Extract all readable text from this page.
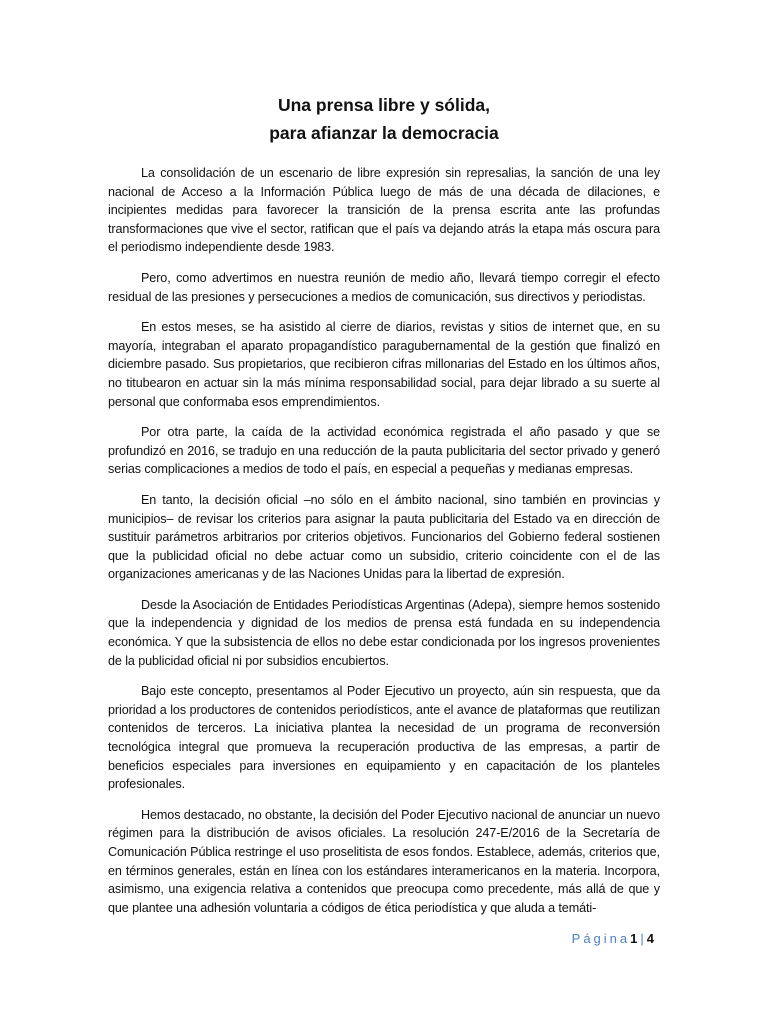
Una prensa libre y sólida,
para afianzar la democracia

La consolidación de un escenario de libre expresión sin represalias, la sanción de una ley nacional de Acceso a la Información Pública luego de más de una década de dilaciones, e incipientes medidas para favorecer la transición de la prensa escrita ante las profundas transformaciones que vive el sector, ratifican que el país va dejando atrás la etapa más oscura para el periodismo independiente desde 1983.

Pero, como advertimos en nuestra reunión de medio año, llevará tiempo corregir el efecto residual de las presiones y persecuciones a medios de comunicación, sus directivos y periodistas.

En estos meses, se ha asistido al cierre de diarios, revistas y sitios de internet que, en su mayoría, integraban el aparato propagandístico paragubernamental de la gestión que finalizó en diciembre pasado. Sus propietarios, que recibieron cifras millonarias del Estado en los últimos años, no titubearon en actuar sin la más mínima responsabilidad social, para dejar librado a su suerte al personal que conformaba esos emprendimientos.

Por otra parte, la caída de la actividad económica registrada el año pasado y que se profundizó en 2016, se tradujo en una reducción de la pauta publicitaria del sector privado y generó serias complicaciones a medios de todo el país, en especial a pequeñas y medianas empresas.

En tanto, la decisión oficial –no sólo en el ámbito nacional, sino también en provincias y municipios– de revisar los criterios para asignar la pauta publicitaria del Estado va en dirección de sustituir parámetros arbitrarios por criterios objetivos. Funcionarios del Gobierno federal sostienen que la publicidad oficial no debe actuar como un subsidio, criterio coincidente con el de las organizaciones americanas y de las Naciones Unidas para la libertad de expresión.

Desde la Asociación de Entidades Periodísticas Argentinas (Adepa), siempre hemos sostenido que la independencia y dignidad de los medios de prensa está fundada en su independencia económica. Y que la subsistencia de ellos no debe estar condicionada por los ingresos provenientes de la publicidad oficial ni por subsidios encubiertos.

Bajo este concepto, presentamos al Poder Ejecutivo un proyecto, aún sin respuesta, que da prioridad a los productores de contenidos periodísticos, ante el avance de plataformas que reutilizan contenidos de terceros. La iniciativa plantea la necesidad de un programa de reconversión tecnológica integral que promueva la recuperación productiva de las empresas, a partir de beneficios especiales para inversiones en equipamiento y en capacitación de los planteles profesionales.

Hemos destacado, no obstante, la decisión del Poder Ejecutivo nacional de anunciar un nuevo régimen para la distribución de avisos oficiales. La resolución 247-E/2016 de la Secretaría de Comunicación Pública restringe el uso proselitista de esos fondos. Establece, además, criterios que, en términos generales, están en línea con los estándares interamericanos en la materia. Incorpora, asimismo, una exigencia relativa a contenidos que preocupa como precedente, más allá de que y que plantee una adhesión voluntaria a códigos de ética periodística y que aluda a temáti-

Página1 | 4
